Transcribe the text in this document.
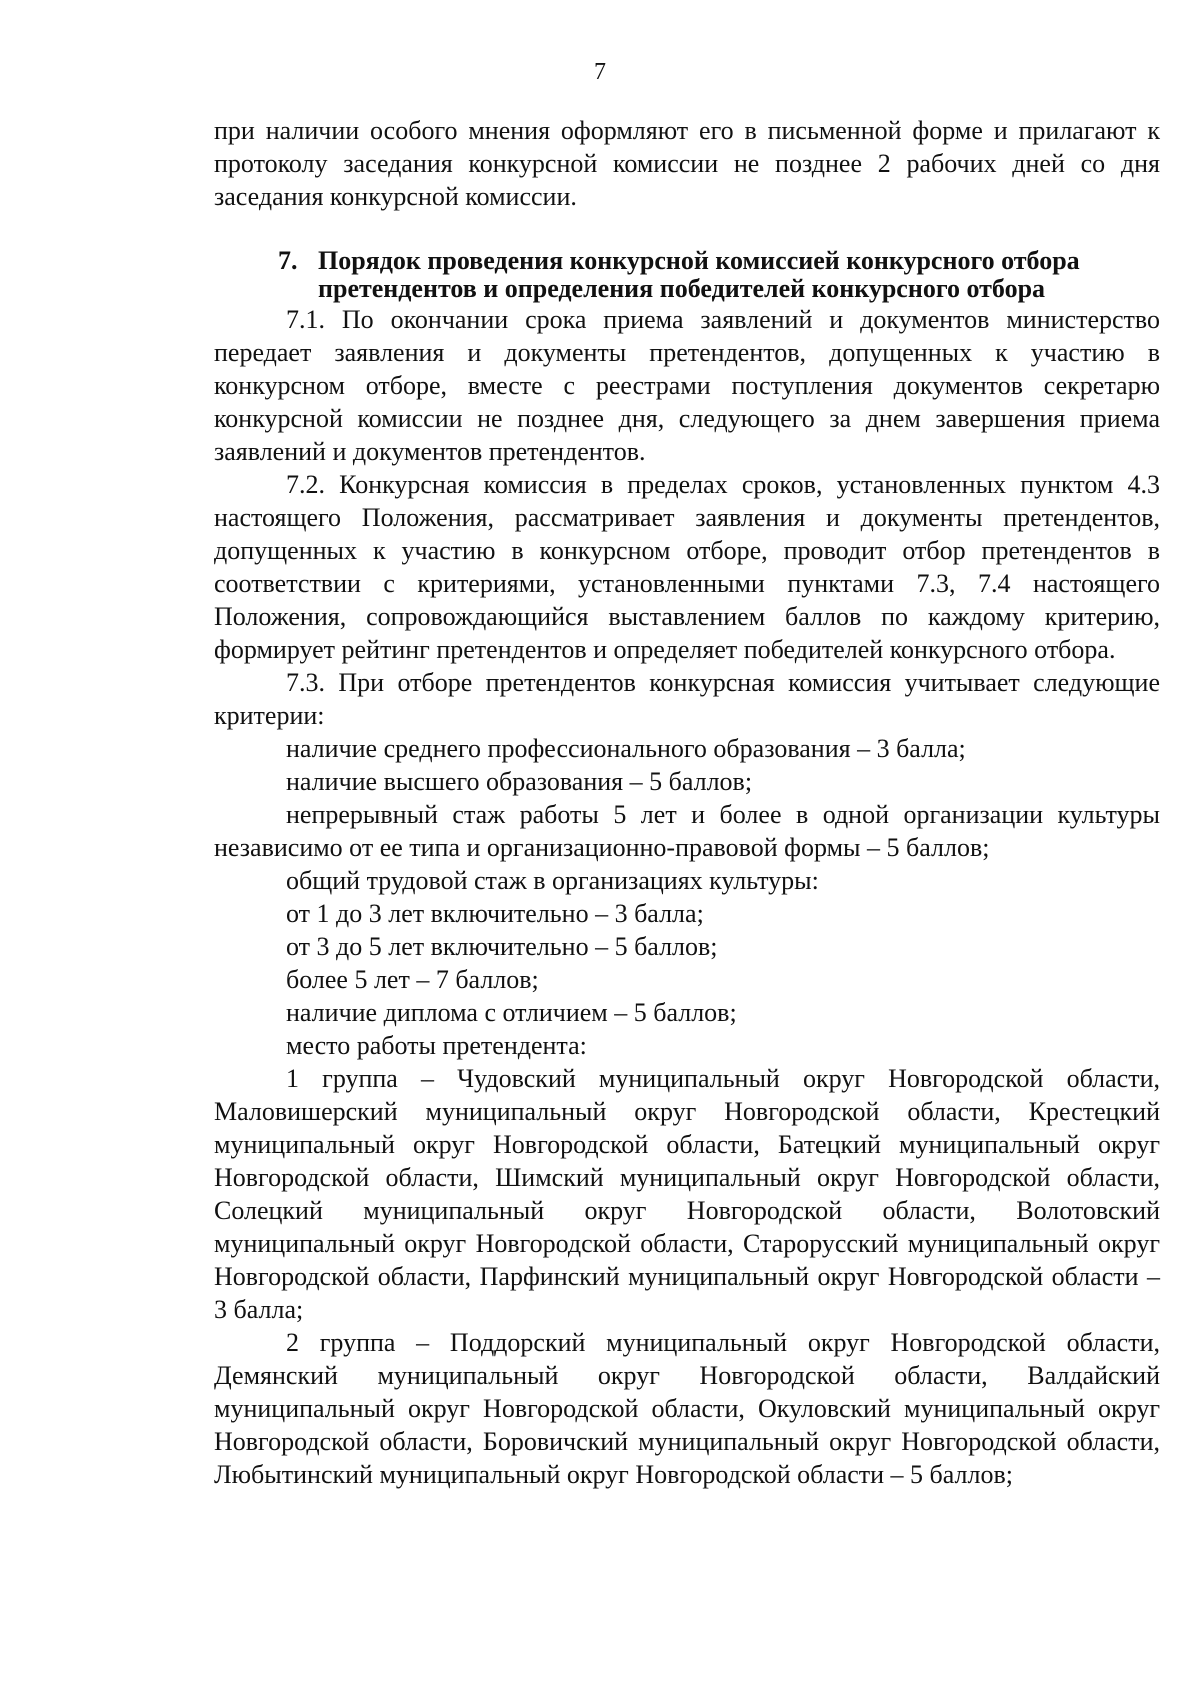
7

при наличии особого мнения оформляют его в письменной форме и прилагают к протоколу заседания конкурсной комиссии не позднее 2 рабочих дней со дня заседания конкурсной комиссии.

7. Порядок проведения конкурсной комиссией конкурсного отбора претендентов и определения победителей конкурсного отбора

7.1. По окончании срока приема заявлений и документов министерство передает заявления и документы претендентов, допущенных к участию в конкурсном отборе, вместе с реестрами поступления документов секретарю конкурсной комиссии не позднее дня, следующего за днем завершения приема заявлений и документов претендентов.

7.2. Конкурсная комиссия в пределах сроков, установленных пунктом 4.3 настоящего Положения, рассматривает заявления и документы претендентов, допущенных к участию в конкурсном отборе, проводит отбор претендентов в соответствии с критериями, установленными пунктами 7.3, 7.4 настоящего Положения, сопровождающийся выставлением баллов по каждому критерию, формирует рейтинг претендентов и определяет победителей конкурсного отбора.

7.3. При отборе претендентов конкурсная комиссия учитывает следующие критерии:

наличие среднего профессионального образования – 3 балла;

наличие высшего образования – 5 баллов;

непрерывный стаж работы 5 лет и более в одной организации культуры независимо от ее типа и организационно-правовой формы – 5 баллов;

общий трудовой стаж в организациях культуры:

от 1 до 3 лет включительно – 3 балла;

от 3 до 5 лет включительно – 5 баллов;

более 5 лет – 7 баллов;

наличие диплома с отличием – 5 баллов;

место работы претендента:

1 группа – Чудовский муниципальный округ Новгородской области, Маловишерский муниципальный округ Новгородской области, Крестецкий муниципальный округ Новгородской области, Батецкий муниципальный округ Новгородской области, Шимский муниципальный округ Новгородской области, Солецкий муниципальный округ Новгородской области, Волотовский муниципальный округ Новгородской области, Старорусский муниципальный округ Новгородской области, Парфинский муниципальный округ Новгородской области – 3 балла;

2 группа – Поддорский муниципальный округ Новгородской области, Демянский муниципальный округ Новгородской области, Валдайский муниципальный округ Новгородской области, Окуловский муниципальный округ Новгородской области, Боровичский муниципальный округ Новгородской области, Любытинский муниципальный округ Новгородской области – 5 баллов;
